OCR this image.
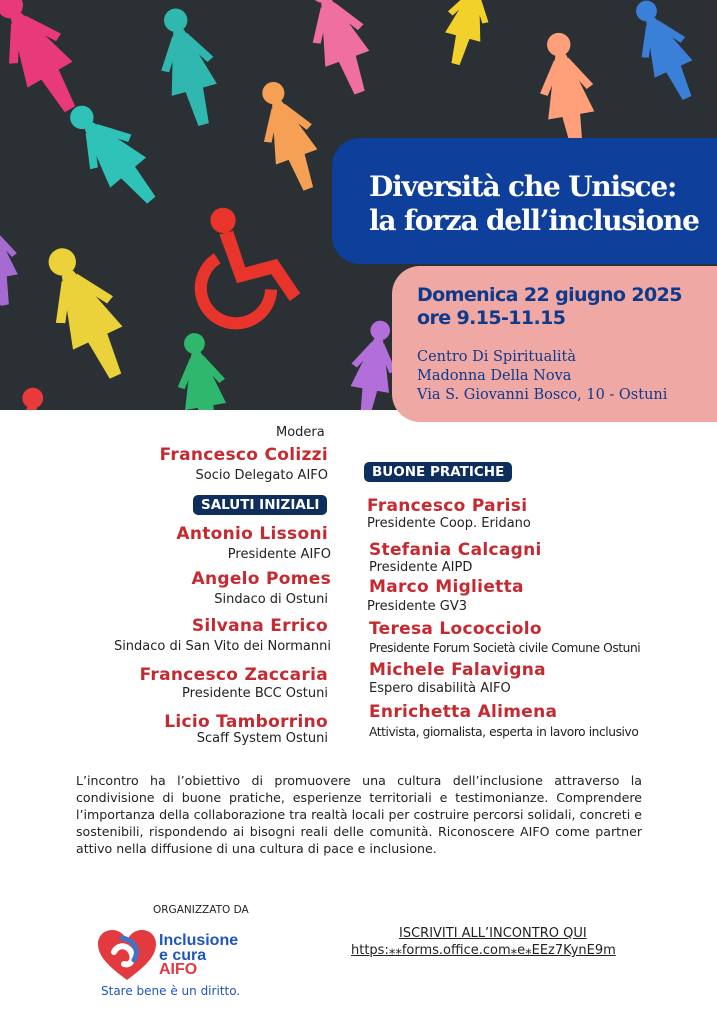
Diversità che Unisce:
la forza dell’inclusione
Domenica 22 giugno 2025
ore 9.15-11.15
Centro Di Spiritualità
Madonna Della Nova
Via S. Giovanni Bosco, 10 - Ostuni
Modera
Francesco Colizzi
Socio Delegato AIFO
SALUTI INIZIALI
Antonio Lissoni
Presidente AIFO
Angelo Pomes
Sindaco di Ostuni
Silvana Errico
Sindaco di San Vito dei Normanni
Francesco Zaccaria
Presidente BCC Ostuni
Licio Tamborrino
Scaff System Ostuni
BUONE PRATICHE
Francesco Parisi
Presidente Coop. Eridano
Stefania Calcagni
Presidente AIPD
Marco Miglietta
Presidente GV3
Teresa Lococciolo
Presidente Forum Società civile Comune Ostuni
Michele Falavigna
Espero disabilità AIFO
Enrichetta Alimena
Attivista, giornalista, esperta in lavoro inclusivo
L’incontro ha l’obiettivo di promuovere una cultura dell’inclusione attraverso la condivisione di buone pratiche, esperienze territoriali e testimonianze. Comprendere l’importanza della collaborazione tra realtà locali per costruire percorsi solidali, concreti e sostenibili, rispondendo ai bisogni reali delle comunità. Riconoscere AIFO come partner attivo nella diffusione di una cultura di pace e inclusione.
ORGANIZZATO DA
Inclusione
e cura
AIFO
Stare bene è un diritto.
ISCRIVITI ALL’INCONTRO QUI
https:⁎⁎forms.office.com⁎e⁎EEz7KynE9m
